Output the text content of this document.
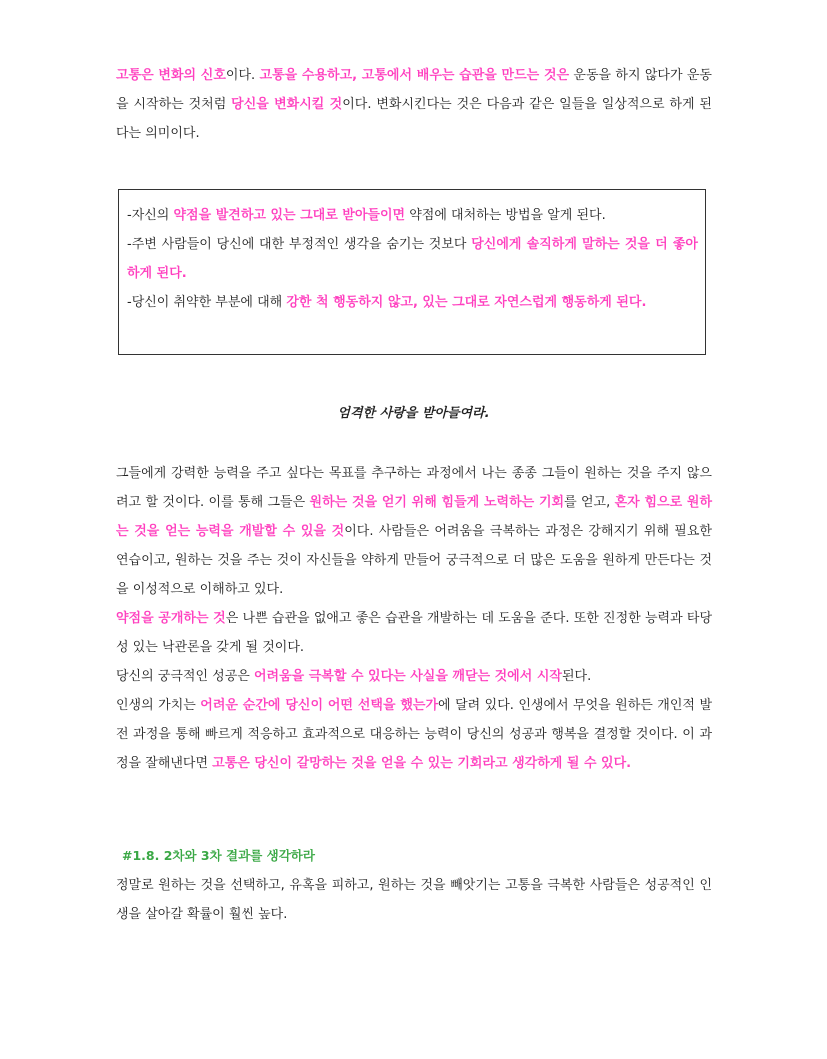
고통은 변화의 신호이다. 고통을 수용하고, 고통에서 배우는 습관을 만드는 것은 운동을 하지 않다가 운동을 시작하는 것처럼 당신을 변화시킬 것이다. 변화시킨다는 것은 다음과 같은 일들을 일상적으로 하게 된다는 의미이다.

-자신의 약점을 발견하고 있는 그대로 받아들이면 약점에 대처하는 방법을 알게 된다.

-주변 사람들이 당신에 대한 부정적인 생각을 숨기는 것보다 당신에게 솔직하게 말하는 것을 더 좋아하게 된다.

-당신이 취약한 부분에 대해 강한 척 행동하지 않고, 있는 그대로 자연스럽게 행동하게 된다.

엄격한 사랑을 받아들여라.

그들에게 강력한 능력을 주고 싶다는 목표를 추구하는 과정에서 나는 종종 그들이 원하는 것을 주지 않으려고 할 것이다. 이를 통해 그들은 원하는 것을 얻기 위해 힘들게 노력하는 기회를 얻고, 혼자 힘으로 원하는 것을 얻는 능력을 개발할 수 있을 것이다. 사람들은 어려움을 극복하는 과정은 강해지기 위해 필요한 연습이고, 원하는 것을 주는 것이 자신들을 약하게 만들어 궁극적으로 더 많은 도움을 원하게 만든다는 것을 이성적으로 이해하고 있다.

약점을 공개하는 것은 나쁜 습관을 없애고 좋은 습관을 개발하는 데 도움을 준다. 또한 진정한 능력과 타당성 있는 낙관론을 갖게 될 것이다.

당신의 궁극적인 성공은 어려움을 극복할 수 있다는 사실을 깨닫는 것에서 시작된다.

인생의 가치는 어려운 순간에 당신이 어떤 선택을 했는가에 달려 있다. 인생에서 무엇을 원하든 개인적 발전 과정을 통해 빠르게 적응하고 효과적으로 대응하는 능력이 당신의 성공과 행복을 결정할 것이다. 이 과정을 잘해낸다면 고통은 당신이 갈망하는 것을 얻을 수 있는 기회라고 생각하게 될 수 있다.

#1.8. 2차와 3차 결과를 생각하라

정말로 원하는 것을 선택하고, 유혹을 피하고, 원하는 것을 빼앗기는 고통을 극복한 사람들은 성공적인 인생을 살아갈 확률이 훨씬 높다.
